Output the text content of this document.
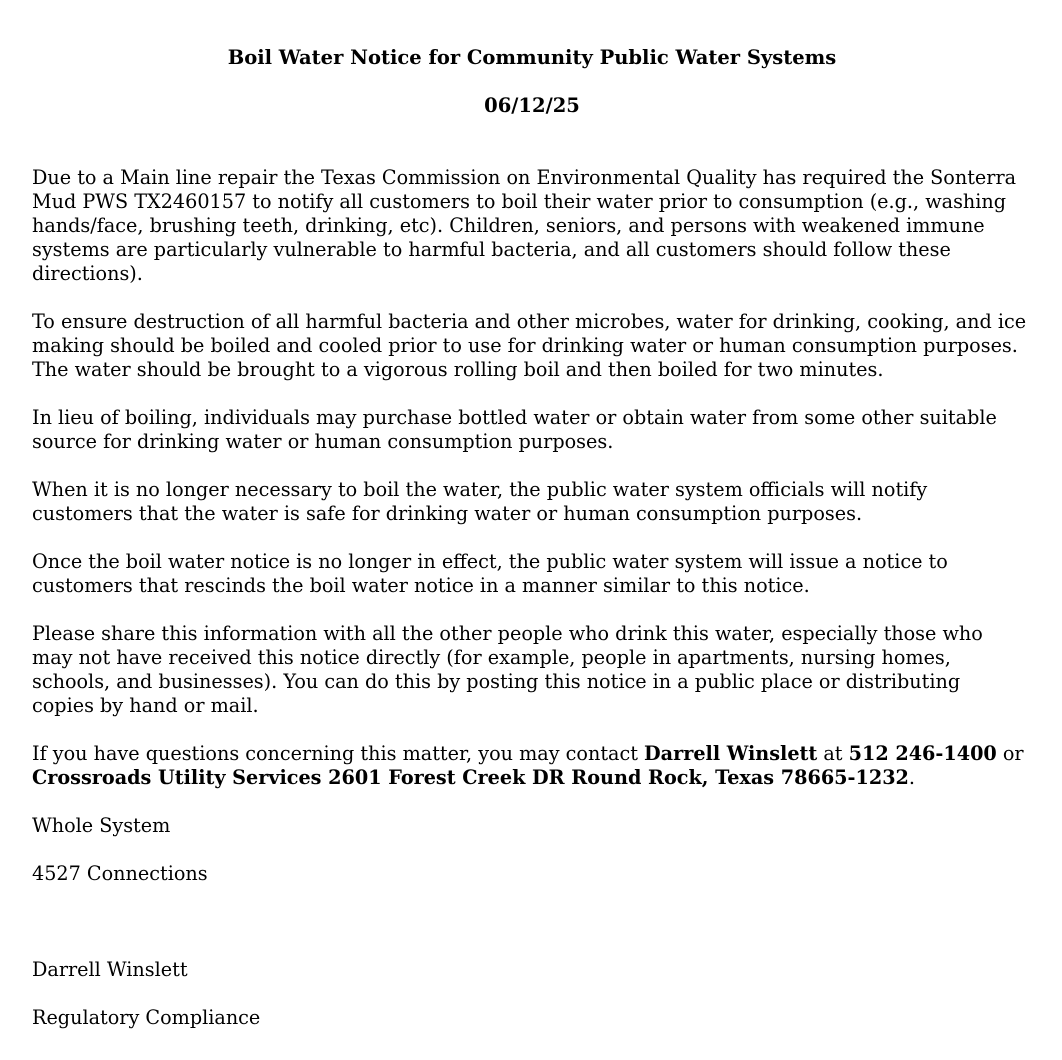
Boil Water Notice for Community Public Water Systems
06/12/25

Due to a Main line repair the Texas Commission on Environmental Quality has required the Sonterra Mud PWS TX2460157 to notify all customers to boil their water prior to consumption (e.g., washing hands/face, brushing teeth, drinking, etc). Children, seniors, and persons with weakened immune systems are particularly vulnerable to harmful bacteria, and all customers should follow these directions).

To ensure destruction of all harmful bacteria and other microbes, water for drinking, cooking, and ice making should be boiled and cooled prior to use for drinking water or human consumption purposes. The water should be brought to a vigorous rolling boil and then boiled for two minutes.

In lieu of boiling, individuals may purchase bottled water or obtain water from some other suitable source for drinking water or human consumption purposes.

When it is no longer necessary to boil the water, the public water system officials will notify customers that the water is safe for drinking water or human consumption purposes.

Once the boil water notice is no longer in effect, the public water system will issue a notice to customers that rescinds the boil water notice in a manner similar to this notice.

Please share this information with all the other people who drink this water, especially those who may not have received this notice directly (for example, people in apartments, nursing homes, schools, and businesses). You can do this by posting this notice in a public place or distributing copies by hand or mail.

If you have questions concerning this matter, you may contact Darrell Winslett at 512 246-1400 or Crossroads Utility Services 2601 Forest Creek DR Round Rock, Texas 78665-1232.

Whole System

4527 Connections

Darrell Winslett

Regulatory Compliance
